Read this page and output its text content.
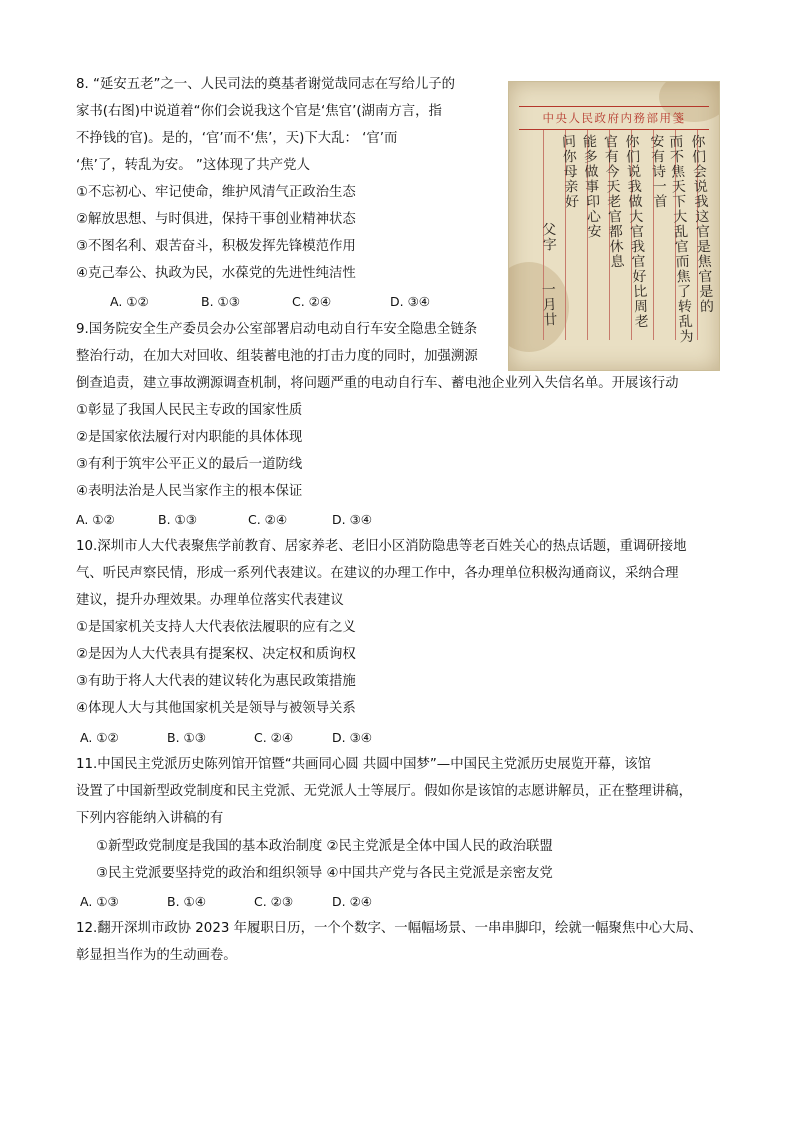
8. “延安五老”之一、人民司法的奠基者谢觉哉同志在写给儿子的
家书(右图)中说道着“你们会说我这个官是‘焦官’(湖南方言，指
不挣钱的官)。是的，‘官’而不‘焦’，天)下大乱： ‘官’而
‘焦’了，转乱为安。 ”这体现了共产党人
①不忘初心、牢记使命，维护风清气正政治生态
②解放思想、与时俱进，保持干事创业精神状态
③不图名利、艰苦奋斗，积极发挥先锋模范作用
④克己奉公、执政为民，水葆党的先进性纯洁性
A. ①②	B. ①③	C. ②④	D. ③④
中央人民政府内務部用箋
你们会说我这官是焦官是的
而不焦天下大乱官而焦了转乱为
安有诗一首
你们说我做大官我官好比周老
官有今天老官都休息
能多做事印心安
问你母亲好
父字
一月廿
9.国务院安全生产委员会办公室部署启动电动自行车安全隐患全链条
整治行动，在加大对回收、组装蓄电池的打击力度的同时，加强溯源
倒查追责，建立事故溯源调查机制，将问题严重的电动自行车、蓄电池企业列入失信名单。开展该行动
①彰显了我国人民民主专政的国家性质
②是国家依法履行对内职能的具体体现
③有利于筑牢公平正义的最后一道防线
④表明法治是人民当家作主的根本保证
A. ①②	B. ①③	C. ②④	D. ③④
10.深圳市人大代表聚焦学前教育、居家养老、老旧小区消防隐患等老百姓关心的热点话题，重调研接地
气、听民声察民情，形成一系列代表建议。在建议的办理工作中，各办理单位积极沟通商议，采纳合理
建议，提升办理效果。办理单位落实代表建议
①是国家机关支持人大代表依法履职的应有之义
②是因为人大代表具有提案权、决定权和质询权
③有助于将人大代表的建议转化为惠民政策措施
④体现人大与其他国家机关是领导与被领导关系
A. ①②	B. ①③	C. ②④	D. ③④
11.中国民主党派历史陈列馆开馆暨“共画同心圆 共圆中国梦”—中国民主党派历史展览开幕，该馆
设置了中国新型政党制度和民主党派、无党派人士等展厅。假如你是该馆的志愿讲解员，正在整理讲稿，
下列内容能纳入讲稿的有
①新型政党制度是我国的基本政治制度 ②民主党派是全体中国人民的政治联盟
③民主党派要坚持党的政治和组织领导 ④中国共产党与各民主党派是亲密友党
A. ①③	B. ①④	C. ②③	D. ②④
12.翻开深圳市政协 2023 年履职日历，一个个数字、一幅幅场景、一串串脚印，绘就一幅聚焦中心大局、
彰显担当作为的生动画卷。
